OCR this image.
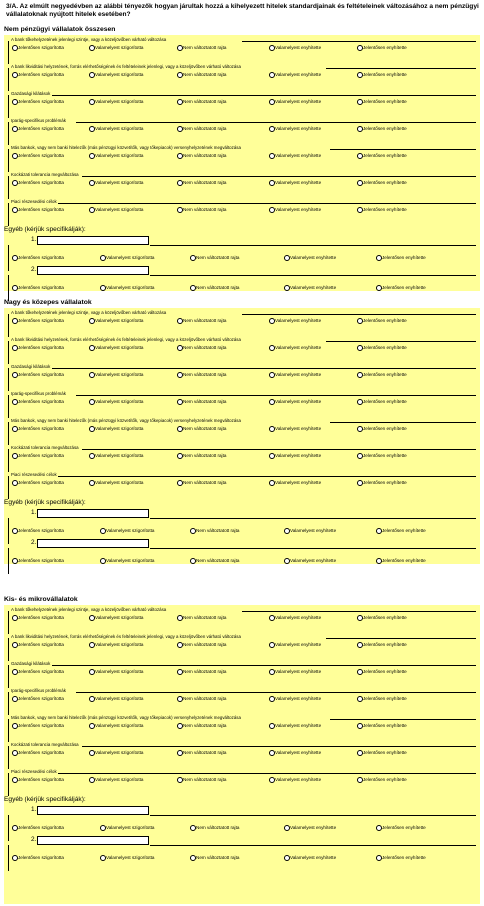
3/A. Az elmúlt negyedévben az alábbi tényezők hogyan járultak hozzá a kihelyezett hitelek standardjainak és feltételeinek változásához a nem pénzügyi vállalatoknak nyújtott hitelek esetében?
Nem pénzügyi vállalatok összesen
A bank tőkehelyzetének jelenlegi szintje, vagy a közeljövőben várható változása
Jelentősen szigorította	Valamelyest szigorította	Nem változtatott rajta	Valamelyest enyhítette	Jelentősen enyhítette
A bank likviditási helyzetének, forrás elérhetőségének és feltételeinek jelenlegi, vagy a közeljövőben várható változása
Jelentősen szigorította	Valamelyest szigorította	Nem változtatott rajta	Valamelyest enyhítette	Jelentősen enyhítette
Gazdasági kilátások
Jelentősen szigorította	Valamelyest szigorította	Nem változtatott rajta	Valamelyest enyhítette	Jelentősen enyhítette
Iparág-specifikus problémák
Jelentősen szigorította	Valamelyest szigorította	Nem változtatott rajta	Valamelyest enyhítette	Jelentősen enyhítette
Más bankok, vagy nem banki hitelezők (más pénzügyi közvetítők, vagy tőkepiacok) versenyhelyzetének megváltozása
Jelentősen szigorította	Valamelyest szigorította	Nem változtatott rajta	Valamelyest enyhítette	Jelentősen enyhítette
Kockázati tolerancia megváltozása
Jelentősen szigorította	Valamelyest szigorította	Nem változtatott rajta	Valamelyest enyhítette	Jelentősen enyhítette
Piaci részesedési célok
Jelentősen szigorította	Valamelyest szigorította	Nem változtatott rajta	Valamelyest enyhítette	Jelentősen enyhítette
Egyéb (kérjük specifikálják):
1.
Jelentősen szigorította	Valamelyest szigorította	Nem változtatott rajta	Valamelyest enyhítette	Jelentősen enyhítette
2.
Jelentősen szigorította	Valamelyest szigorította	Nem változtatott rajta	Valamelyest enyhítette	Jelentősen enyhítette
Nagy és közepes vállalatok
A bank tőkehelyzetének jelenlegi szintje, vagy a közeljövőben várható változása
Jelentősen szigorította	Valamelyest szigorította	Nem változtatott rajta	Valamelyest enyhítette	Jelentősen enyhítette
A bank likviditási helyzetének, forrás elérhetőségének és feltételeinek jelenlegi, vagy a közeljövőben várható változása
Jelentősen szigorította	Valamelyest szigorította	Nem változtatott rajta	Valamelyest enyhítette	Jelentősen enyhítette
Gazdasági kilátások
Jelentősen szigorította	Valamelyest szigorította	Nem változtatott rajta	Valamelyest enyhítette	Jelentősen enyhítette
Iparág-specifikus problémák
Jelentősen szigorította	Valamelyest szigorította	Nem változtatott rajta	Valamelyest enyhítette	Jelentősen enyhítette
Más bankok, vagy nem banki hitelezők (más pénzügyi közvetítők, vagy tőkepiacok) versenyhelyzetének megváltozása
Jelentősen szigorította	Valamelyest szigorította	Nem változtatott rajta	Valamelyest enyhítette	Jelentősen enyhítette
Kockázati tolerancia megváltozása
Jelentősen szigorította	Valamelyest szigorította	Nem változtatott rajta	Valamelyest enyhítette	Jelentősen enyhítette
Piaci részesedési célok
Jelentősen szigorította	Valamelyest szigorította	Nem változtatott rajta	Valamelyest enyhítette	Jelentősen enyhítette
Egyéb (kérjük specifikálják):
1.
Jelentősen szigorította	Valamelyest szigorította	Nem változtatott rajta	Valamelyest enyhítette	Jelentősen enyhítette
2.
Jelentősen szigorította	Valamelyest szigorította	Nem változtatott rajta	Valamelyest enyhítette	Jelentősen enyhítette
Kis- és mikrovállalatok
A bank tőkehelyzetének jelenlegi szintje, vagy a közeljövőben várható változása
Jelentősen szigorította	Valamelyest szigorította	Nem változtatott rajta	Valamelyest enyhítette	Jelentősen enyhítette
A bank likviditási helyzetének, forrás elérhetőségének és feltételeinek jelenlegi, vagy a közeljövőben várható változása
Jelentősen szigorította	Valamelyest szigorította	Nem változtatott rajta	Valamelyest enyhítette	Jelentősen enyhítette
Gazdasági kilátások
Jelentősen szigorította	Valamelyest szigorította	Nem változtatott rajta	Valamelyest enyhítette	Jelentősen enyhítette
Iparág-specifikus problémák
Jelentősen szigorította	Valamelyest szigorította	Nem változtatott rajta	Valamelyest enyhítette	Jelentősen enyhítette
Más bankok, vagy nem banki hitelezők (más pénzügyi közvetítők, vagy tőkepiacok) versenyhelyzetének megváltozása
Jelentősen szigorította	Valamelyest szigorította	Nem változtatott rajta	Valamelyest enyhítette	Jelentősen enyhítette
Kockázati tolerancia megváltozása
Jelentősen szigorította	Valamelyest szigorította	Nem változtatott rajta	Valamelyest enyhítette	Jelentősen enyhítette
Piaci részesedési célok
Jelentősen szigorította	Valamelyest szigorította	Nem változtatott rajta	Valamelyest enyhítette	Jelentősen enyhítette
Egyéb (kérjük specifikálják):
1.
Jelentősen szigorította	Valamelyest szigorította	Nem változtatott rajta	Valamelyest enyhítette	Jelentősen enyhítette
2.
Jelentősen szigorította	Valamelyest szigorította	Nem változtatott rajta	Valamelyest enyhítette	Jelentősen enyhítette
